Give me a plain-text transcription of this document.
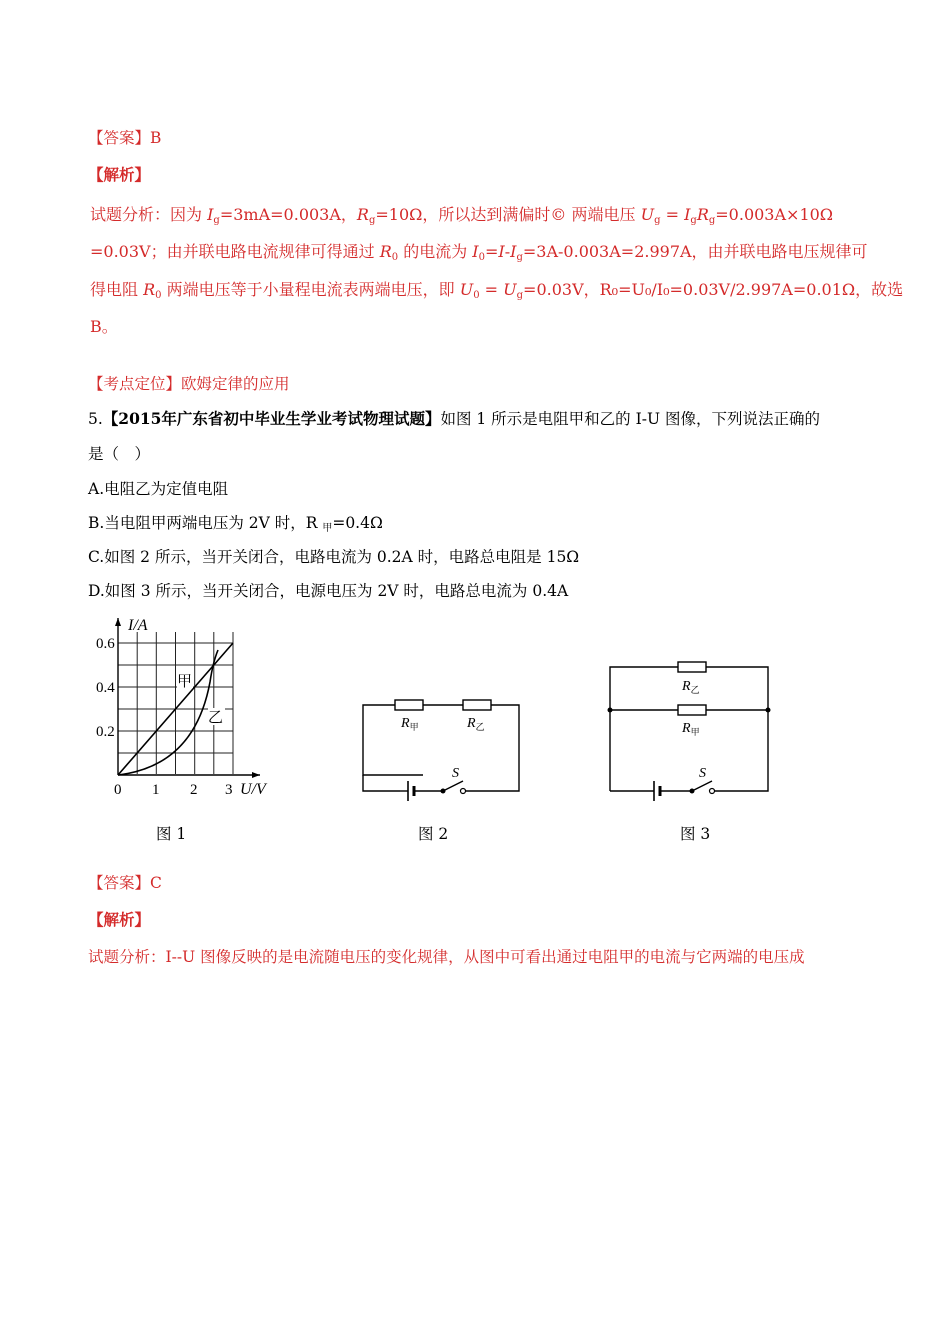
【答案】B
【解析】
试题分析：因为 $I_g=3mA=0.003A$，$R_g=10\Omega$，所以达到满偏时© 两端电压 $U_g = I_gR_g=0.003A\times 10\Omega$
=0.03V；由并联电路电流规律可得通过 $R_0$ 的电流为 $I_0=I-I_g=3A-0.003A=2.997A$，由并联电路电压规律可
得电阻 $R_0$ 两端电压等于小量程电流表两端电压，即 $U_0 = U_g=0.03V$，R₀=U₀/I₀=0.03V/2.997A=0.01Ω，故选
B。
【考点定位】欧姆定律的应用
5.【2015年广东省初中毕业生学业考试物理试题】如图 1 所示是电阻甲和乙的 I-U 图像，下列说法正确的
是（　）
A.电阻乙为定值电阻
B.当电阻甲两端电压为 2V 时，R $_甲$=0.4Ω
C.如图 2 所示，当开关闭合，电路电流为 0.2A 时，电路总电阻是 15Ω
D.如图 3 所示，当开关闭合，电源电压为 2V 时，电路总电流为 0.4A
0.6
0.4
0.2
0 1 2 3
I/A
U/V
甲
乙
图 1
$R_甲$	$R_乙$
S
图 2
$R_乙$
$R_甲$
S
图 3
【答案】C
【解析】
试题分析：I--U 图像反映的是电流随电压的变化规律，从图中可看出通过电阻甲的电流与它两端的电压成
